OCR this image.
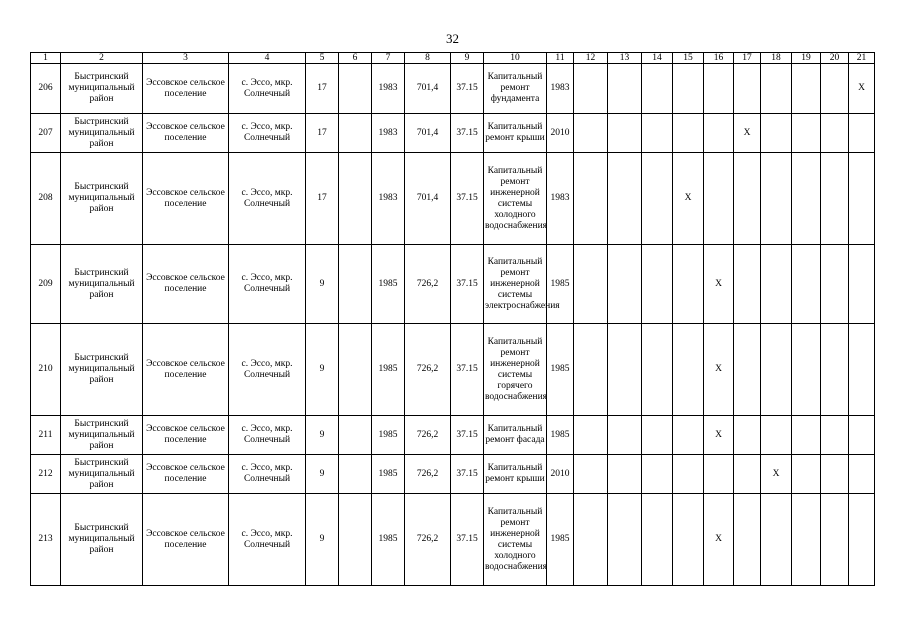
32
1	2	3	4	5	6	7	8	9	10	11	12	13	14	15	16	17	18	19	20	21
206	Быстринский муниципальный район	Эссовское сельское поселение	с. Эссо, мкр. Солнечный	17		1983	701,4	37.15	Капитальный ремонт фундамента	1983										X
207	Быстринский муниципальный район	Эссовское сельское поселение	с. Эссо, мкр. Солнечный	17		1983	701,4	37.15	Капитальный ремонт крыши	2010						X				
208	Быстринский муниципальный район	Эссовское сельское поселение	с. Эссо, мкр. Солнечный	17		1983	701,4	37.15	Капитальный ремонт инженерной системы холодного водоснабжения	1983				X						
209	Быстринский муниципальный район	Эссовское сельское поселение	с. Эссо, мкр. Солнечный	9		1985	726,2	37.15	Капитальный ремонт инженерной системы электроснабжения	1985					X					
210	Быстринский муниципальный район	Эссовское сельское поселение	с. Эссо, мкр. Солнечный	9		1985	726,2	37.15	Капитальный ремонт инженерной системы горячего водоснабжения	1985					X					
211	Быстринский муниципальный район	Эссовское сельское поселение	с. Эссо, мкр. Солнечный	9		1985	726,2	37.15	Капитальный ремонт фасада	1985					X					
212	Быстринский муниципальный район	Эссовское сельское поселение	с. Эссо, мкр. Солнечный	9		1985	726,2	37.15	Капитальный ремонт крыши	2010							X			
213	Быстринский муниципальный район	Эссовское сельское поселение	с. Эссо, мкр. Солнечный	9		1985	726,2	37.15	Капитальный ремонт инженерной системы холодного водоснабжения	1985					X					
